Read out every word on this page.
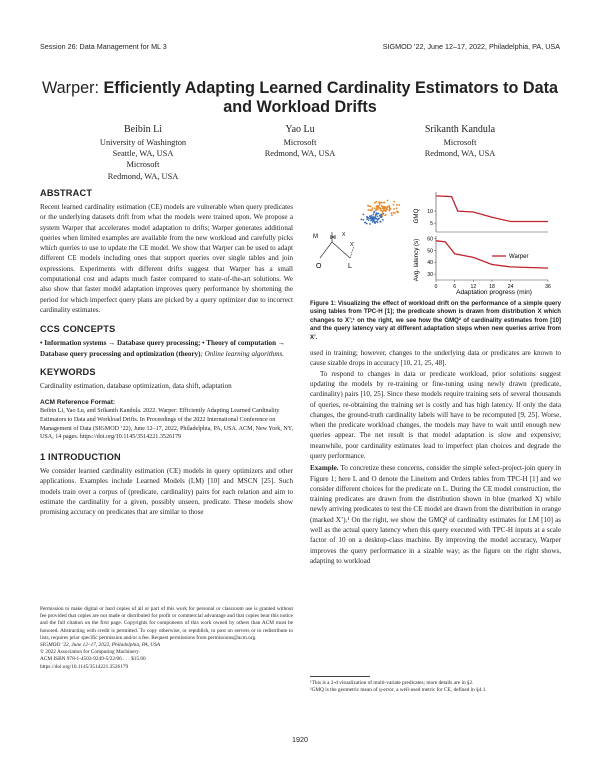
Session 26: Data Management for ML 3	SIGMOD ’22, June 12–17, 2022, Philadelphia, PA, USA
Warper: Efficiently Adapting Learned Cardinality Estimators to Data and Workload Drifts
Beibin Li
University of Washington
Seattle, WA, USA
Microsoft
Redmond, WA, USA
Yao Lu
Microsoft
Redmond, WA, USA
Srikanth Kandula
Microsoft
Redmond, WA, USA
ABSTRACT

Recent learned cardinality estimation (CE) models are vulnerable when query predicates or the underlying datasets drift from what the models were trained upon. We propose a system Warper that accelerates model adaptation to drifts; Warper generates additional queries when limited examples are available from the new workload and carefully picks which queries to use to update the CE model. We show that Warper can be used to adapt different CE models including ones that support queries over single tables and join expressions. Experiments with different drifts suggest that Warper has a small computational cost and adapts much faster compared to state-of-the-art solutions. We also show that faster model adaptation improves query performance by shortening the period for which imperfect query plans are picked by a query optimizer due to incorrect cardinality estimates.

CCS CONCEPTS

• Information systems → Database query processing; • Theory of computation → Database query processing and optimization (theory); Online learning algorithms.

KEYWORDS

Cardinality estimation, database optimization, data shift, adaptation

ACM Reference Format:

Beibin Li, Yao Lu, and Srikanth Kandula. 2022. Warper: Efficiently Adapting Learned Cardinality Estimators to Data and Workload Drifts. In Proceedings of the 2022 International Conference on Management of Data (SIGMOD ’22), June 12–17, 2022, Philadelphia, PA, USA. ACM, New York, NY, USA, 14 pages. https://doi.org/10.1145/3514221.3526179

1 INTRODUCTION

We consider learned cardinality estimation (CE) models in query optimizers and other applications. Examples include Learned Models (LM) [10] and MSCN [25]. Such models train over a corpus of (predicate, cardinality) pairs for each relation and aim to estimate the cardinality for a given, possibly unseen, predicate. These models show promising accuracy on predicates that are similar to those

Permission to make digital or hard copies of all or part of this work for personal or classroom use is granted without fee provided that copies are not made or distributed for profit or commercial advantage and that copies bear this notice and the full citation on the first page. Copyrights for components of this work owned by others than ACM must be honored. Abstracting with credit is permitted. To copy otherwise, or republish, to post on servers or to redistribute to lists, requires prior specific permission and/or a fee. Request permissions from permissions@acm.org.

SIGMOD ’22, June 12–17, 2022, Philadelphia, PA, USA

© 2022 Association for Computing Machinery.

ACM ISBN 978-1-4503-9249-5/22/06 . . . $15.00

https://doi.org/10.1145/3514221.3526179

⋈
O	L
M	X
X’
10
5
60
50
40
30
0	6	12 18 24	36
Warper
GMQ
Avg. latency (s)
Adaptation progress (min)

Figure 1: Visualizing the effect of workload drift on the performance of a simple query using tables from TPC-H [1]; the predicate shown is drawn from distribution X which changes to X’;¹ on the right, we see how the GMQ² of cardinality estimates from [10] and the query latency vary at different adaptation steps when new queries arrive from X’.

used in training; however, changes to the underlying data or predicates are known to cause sizable drops in accuracy [10, 21, 25, 48].

To respond to changes in data or predicate workload, prior solutions suggest updating the models by re-training or fine-tuning using newly drawn (predicate, cardinality) pairs [10, 25]. Since these models require training sets of several thousands of queries, re-obtaining the training set is costly and has high latency. If only the data changes, the ground-truth cardinality labels will have to be recomputed [9, 25]. Worse, when the predicate workload changes, the models may have to wait until enough new queries appear. The net result is that model adaptation is slow and expensive; meanwhile, poor cardinality estimates lead to imperfect plan choices and degrade the query performance.

Example. To concretize these concerns, consider the simple select-project-join query in Figure 1; here L and O denote the Lineitem and Orders tables from TPC-H [1] and we consider different choices for the predicate on L. During the CE model construction, the training predicates are drawn from the distribution shown in blue (marked X) while newly arriving predicates to test the CE model are drawn from the distribution in orange (marked X’).¹ On the right, we show the GMQ² of cardinality estimates for LM [10] as well as the actual query latency when this query executed with TPC-H inputs at a scale factor of 10 on a desktop-class machine. By improving the model accuracy, Warper improves the query performance in a sizable way; as the figure on the right shows, adapting to workload

¹This is a 2-d visualization of multi-variate predicates; more details are in §2.

²GMQ is the geometric mean of q-error, a well-used metric for CE, defined in §4.1.

1920
